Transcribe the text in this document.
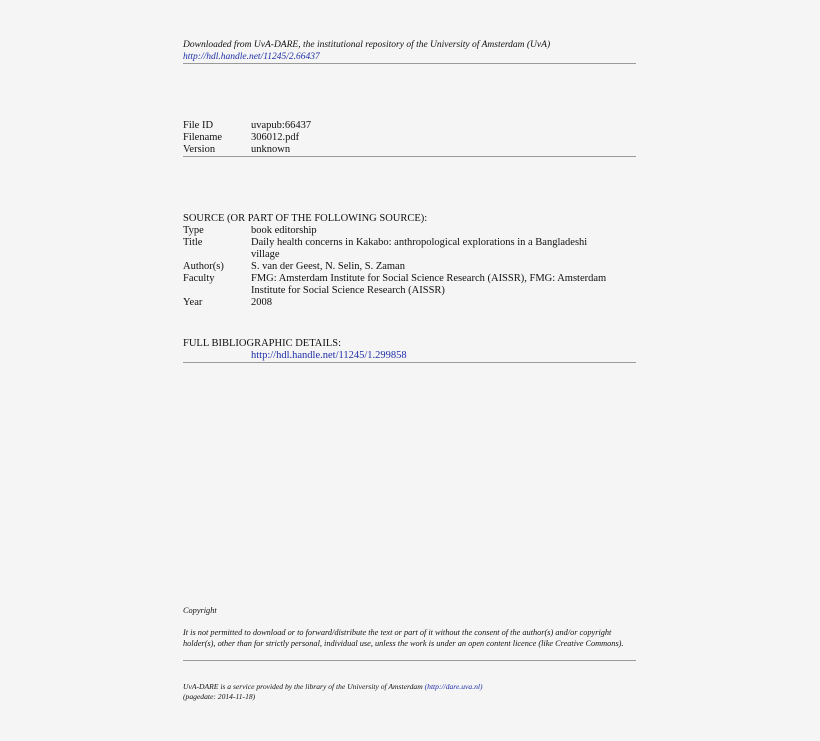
Downloaded from UvA-DARE, the institutional repository of the University of Amsterdam (UvA)
http://hdl.handle.net/11245/2.66437
File ID	uvapub:66437
Filename	306012.pdf
Version	unknown
SOURCE (OR PART OF THE FOLLOWING SOURCE):
Type	book editorship
Title	Daily health concerns in Kakabo: anthropological explorations in a Bangladeshi village
Author(s)	S. van der Geest, N. Selin, S. Zaman
Faculty	FMG: Amsterdam Institute for Social Science Research (AISSR), FMG: Amsterdam Institute for Social Science Research (AISSR)
Year	2008
FULL BIBLIOGRAPHIC DETAILS:
http://hdl.handle.net/11245/1.299858
Copyright
It is not permitted to download or to forward/distribute the text or part of it without the consent of the author(s) and/or copyright holder(s), other than for strictly personal, individual use, unless the work is under an open content licence (like Creative Commons).
UvA-DARE is a service provided by the library of the University of Amsterdam (http://dare.uva.nl)
(pagedate: 2014-11-18)
